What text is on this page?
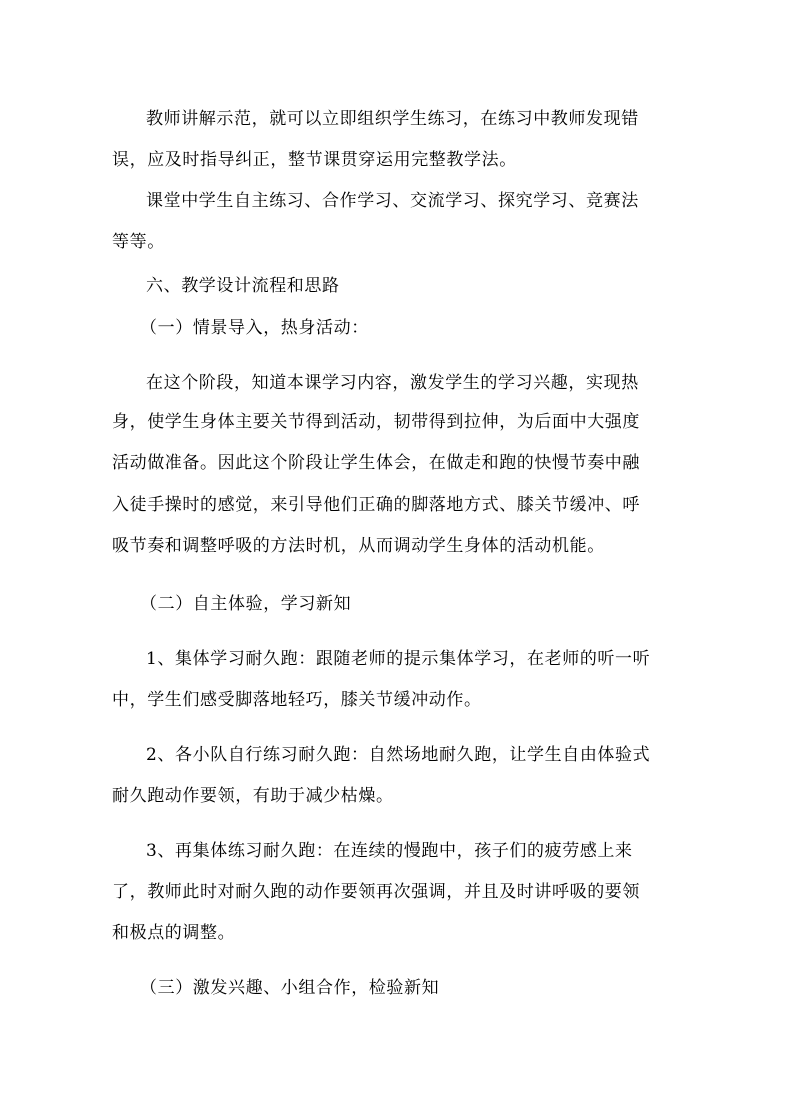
教师讲解示范，就可以立即组织学生练习，在练习中教师发现错
误，应及时指导纠正，整节课贯穿运用完整教学法。
课堂中学生自主练习、合作学习、交流学习、探究学习、竞赛法
等等。
六、教学设计流程和思路
（一）情景导入，热身活动：
在这个阶段，知道本课学习内容，激发学生的学习兴趣，实现热
身，使学生身体主要关节得到活动，韧带得到拉伸，为后面中大强度
活动做准备。因此这个阶段让学生体会，在做走和跑的快慢节奏中融
入徒手操时的感觉，来引导他们正确的脚落地方式、膝关节缓冲、呼
吸节奏和调整呼吸的方法时机，从而调动学生身体的活动机能。
（二）自主体验，学习新知
1、集体学习耐久跑：跟随老师的提示集体学习，在老师的听一听
中，学生们感受脚落地轻巧，膝关节缓冲动作。
2、各小队自行练习耐久跑：自然场地耐久跑，让学生自由体验式
耐久跑动作要领，有助于减少枯燥。
3、再集体练习耐久跑：在连续的慢跑中，孩子们的疲劳感上来
了，教师此时对耐久跑的动作要领再次强调，并且及时讲呼吸的要领
和极点的调整。
（三）激发兴趣、小组合作，检验新知
